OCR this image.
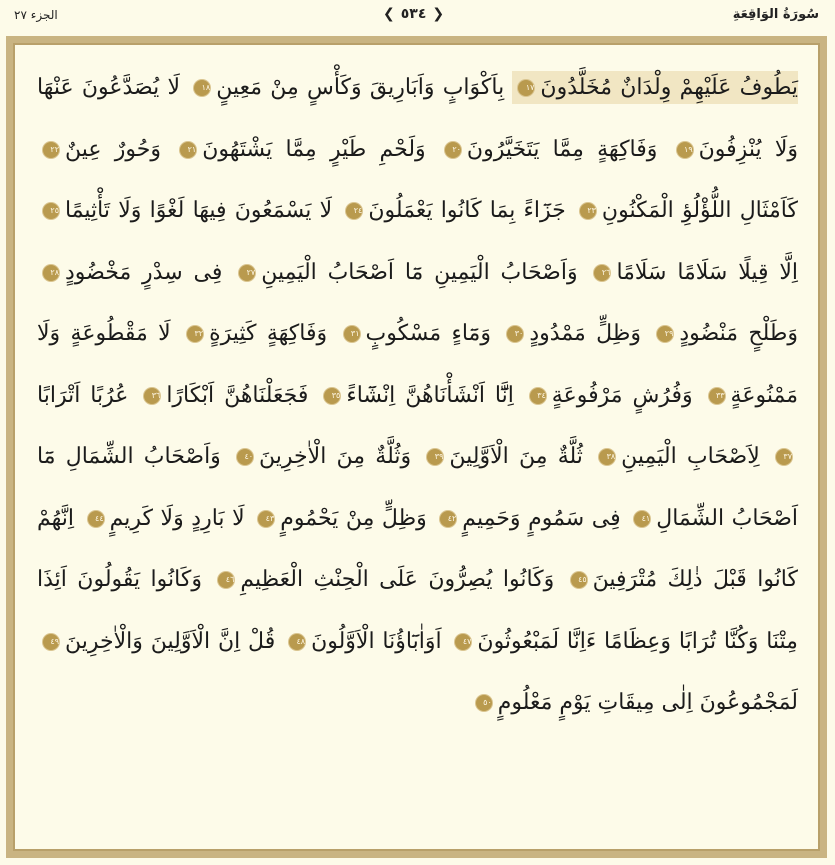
الجزء ٢٧	❮ ٥٣٤ ❯	سُورَةُ الوَاقِعَةِ
يَطُوفُ عَلَيْهِمْ وِلْدَانٌ مُخَلَّدُونَ١٧ بِاَكْوَابٍ وَاَبَارِيقَ وَكَأْسٍ مِنْ مَعِينٍ١٨ لَا يُصَدَّعُونَ عَنْهَا وَلَا يُنْزِفُونَ١٩ وَفَاكِهَةٍ مِمَّا يَتَخَيَّرُونَ٢٠ وَلَحْمِ طَيْرٍ مِمَّا يَشْتَهُونَ٢١ وَحُورٌ عِينٌ٢٢ كَاَمْثَالِ اللُّؤْلُؤِ الْمَكْنُونِ٢٣ جَزَٓاءً بِمَا كَانُوا يَعْمَلُونَ٢٤ لَا يَسْمَعُونَ فِيهَا لَغْوًا وَلَا تَأْثِيمًا٢٥ اِلَّا قِيلًا سَلَامًا سَلَامًا٢٦ وَاَصْحَابُ الْيَمِينِ مَٓا اَصْحَابُ الْيَمِينِ٢٧ فِى سِدْرٍ مَخْضُودٍ٢٨ وَطَلْحٍ مَنْضُودٍ٢٩ وَظِلٍّ مَمْدُودٍ٣٠ وَمَٓاءٍ مَسْكُوبٍ٣١ وَفَاكِهَةٍ كَثِيرَةٍ٣٢ لَا مَقْطُوعَةٍ وَلَا مَمْنُوعَةٍ٣٣ وَفُرُشٍ مَرْفُوعَةٍ٣٤ اِنَّٓا اَنْشَأْنَاهُنَّ اِنْشَٓاءً٣٥ فَجَعَلْنَاهُنَّ اَبْكَارًا٣٦ عُرُبًا اَتْرَابًا٣٧ لِاَصْحَابِ الْيَمِينِ٣٨ ثُلَّةٌ مِنَ الْاَوَّلِينَ٣٩ وَثُلَّةٌ مِنَ الْاٰخِرِينَ٤٠ وَاَصْحَابُ الشِّمَالِ مَٓا اَصْحَابُ الشِّمَالِ٤١ فِى سَمُومٍ وَحَمِيمٍ٤٢ وَظِلٍّ مِنْ يَحْمُومٍ٤٣ لَا بَارِدٍ وَلَا كَرِيمٍ٤٤ اِنَّهُمْ كَانُوا قَبْلَ ذٰلِكَ مُتْرَفِينَ٤٥ وَكَانُوا يُصِرُّونَ عَلَى الْحِنْثِ الْعَظِيمِ٤٦ وَكَانُوا يَقُولُونَ اَئِذَا مِتْنَا وَكُنَّا تُرَابًا وَعِظَامًا ءَاِنَّا لَمَبْعُوثُونَ٤٧ اَوَاٰبَٓاؤُنَا الْاَوَّلُونَ٤٨ قُلْ اِنَّ الْاَوَّلِينَ وَالْاٰخِرِينَ٤٩ لَمَجْمُوعُونَ اِلٰى مِيقَاتِ يَوْمٍ مَعْلُومٍ٥٠
